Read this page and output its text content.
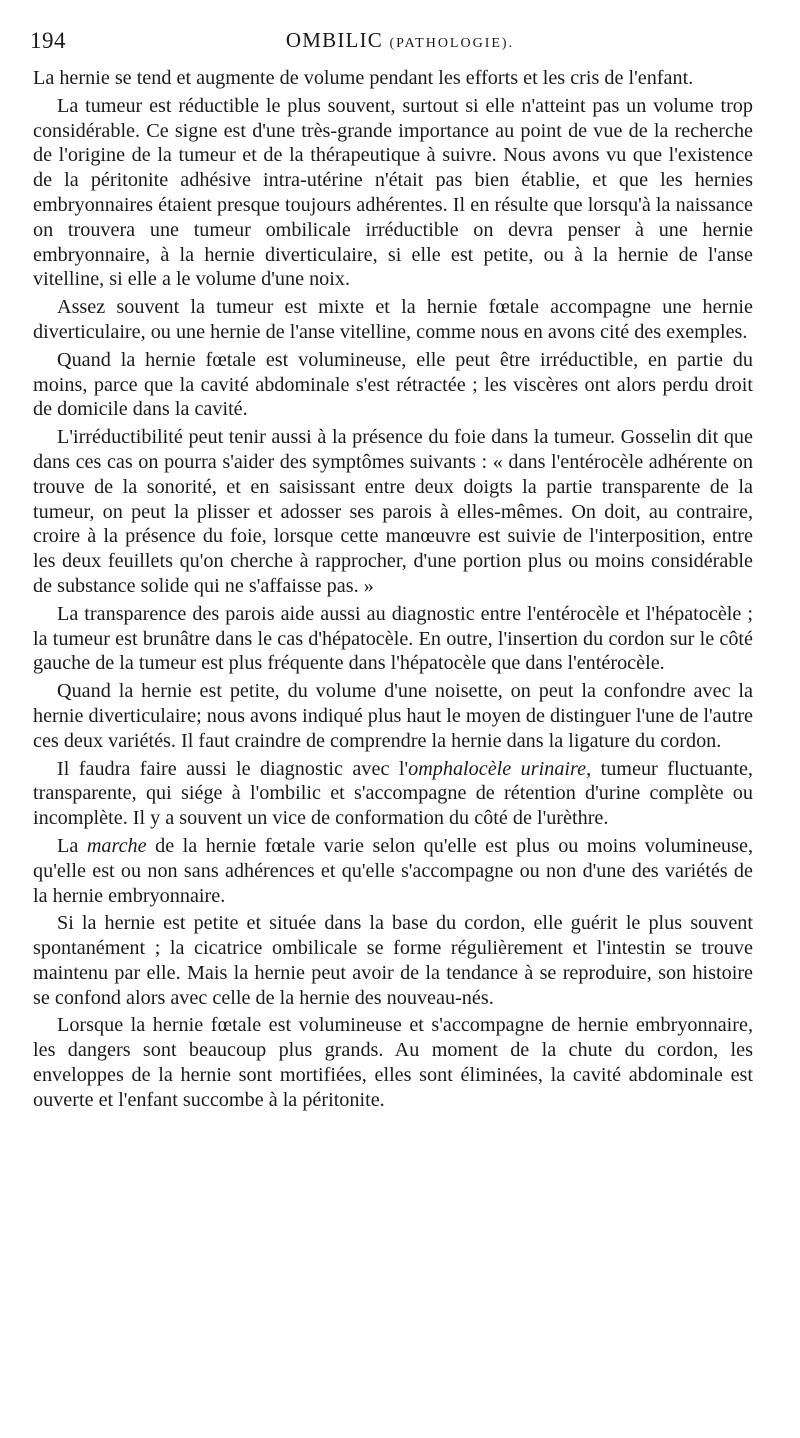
194	OMBILIC (PATHOLOGIE).

La hernie se tend et augmente de volume pendant les efforts et les cris de l'enfant.

La tumeur est réductible le plus souvent, surtout si elle n'atteint pas un volume trop considérable. Ce signe est d'une très-grande importance au point de vue de la recherche de l'origine de la tumeur et de la thérapeutique à suivre. Nous avons vu que l'existence de la péritonite adhésive intra-utérine n'était pas bien établie, et que les hernies embryonnaires étaient presque toujours adhérentes. Il en résulte que lorsqu'à la naissance on trouvera une tumeur ombilicale irréductible on devra penser à une hernie embryonnaire, à la hernie diverticulaire, si elle est petite, ou à la hernie de l'anse vitelline, si elle a le volume d'une noix.

Assez souvent la tumeur est mixte et la hernie fœtale accompagne une hernie diverticulaire, ou une hernie de l'anse vitelline, comme nous en avons cité des exemples.

Quand la hernie fœtale est volumineuse, elle peut être irréductible, en partie du moins, parce que la cavité abdominale s'est rétractée ; les viscères ont alors perdu droit de domicile dans la cavité.

L'irréductibilité peut tenir aussi à la présence du foie dans la tumeur. Gosselin dit que dans ces cas on pourra s'aider des symptômes suivants : « dans l'entérocèle adhérente on trouve de la sonorité, et en saisissant entre deux doigts la partie transparente de la tumeur, on peut la plisser et adosser ses parois à elles-mêmes. On doit, au contraire, croire à la présence du foie, lorsque cette manœuvre est suivie de l'interposition, entre les deux feuillets qu'on cherche à rapprocher, d'une portion plus ou moins considérable de substance solide qui ne s'affaisse pas. »

La transparence des parois aide aussi au diagnostic entre l'entérocèle et l'hépatocèle ; la tumeur est brunâtre dans le cas d'hépatocèle. En outre, l'insertion du cordon sur le côté gauche de la tumeur est plus fréquente dans l'hépatocèle que dans l'entérocèle.

Quand la hernie est petite, du volume d'une noisette, on peut la confondre avec la hernie diverticulaire; nous avons indiqué plus haut le moyen de distinguer l'une de l'autre ces deux variétés. Il faut craindre de comprendre la hernie dans la ligature du cordon.

Il faudra faire aussi le diagnostic avec l'omphalocèle urinaire, tumeur fluctuante, transparente, qui siége à l'ombilic et s'accompagne de rétention d'urine complète ou incomplète. Il y a souvent un vice de conformation du côté de l'urèthre.

La marche de la hernie fœtale varie selon qu'elle est plus ou moins volumineuse, qu'elle est ou non sans adhérences et qu'elle s'accompagne ou non d'une des variétés de la hernie embryonnaire.

Si la hernie est petite et située dans la base du cordon, elle guérit le plus souvent spontanément ; la cicatrice ombilicale se forme régulièrement et l'intestin se trouve maintenu par elle. Mais la hernie peut avoir de la tendance à se reproduire, son histoire se confond alors avec celle de la hernie des nouveau-nés.

Lorsque la hernie fœtale est volumineuse et s'accompagne de hernie embryonnaire, les dangers sont beaucoup plus grands. Au moment de la chute du cordon, les enveloppes de la hernie sont mortifiées, elles sont éliminées, la cavité abdominale est ouverte et l'enfant succombe à la péritonite.
